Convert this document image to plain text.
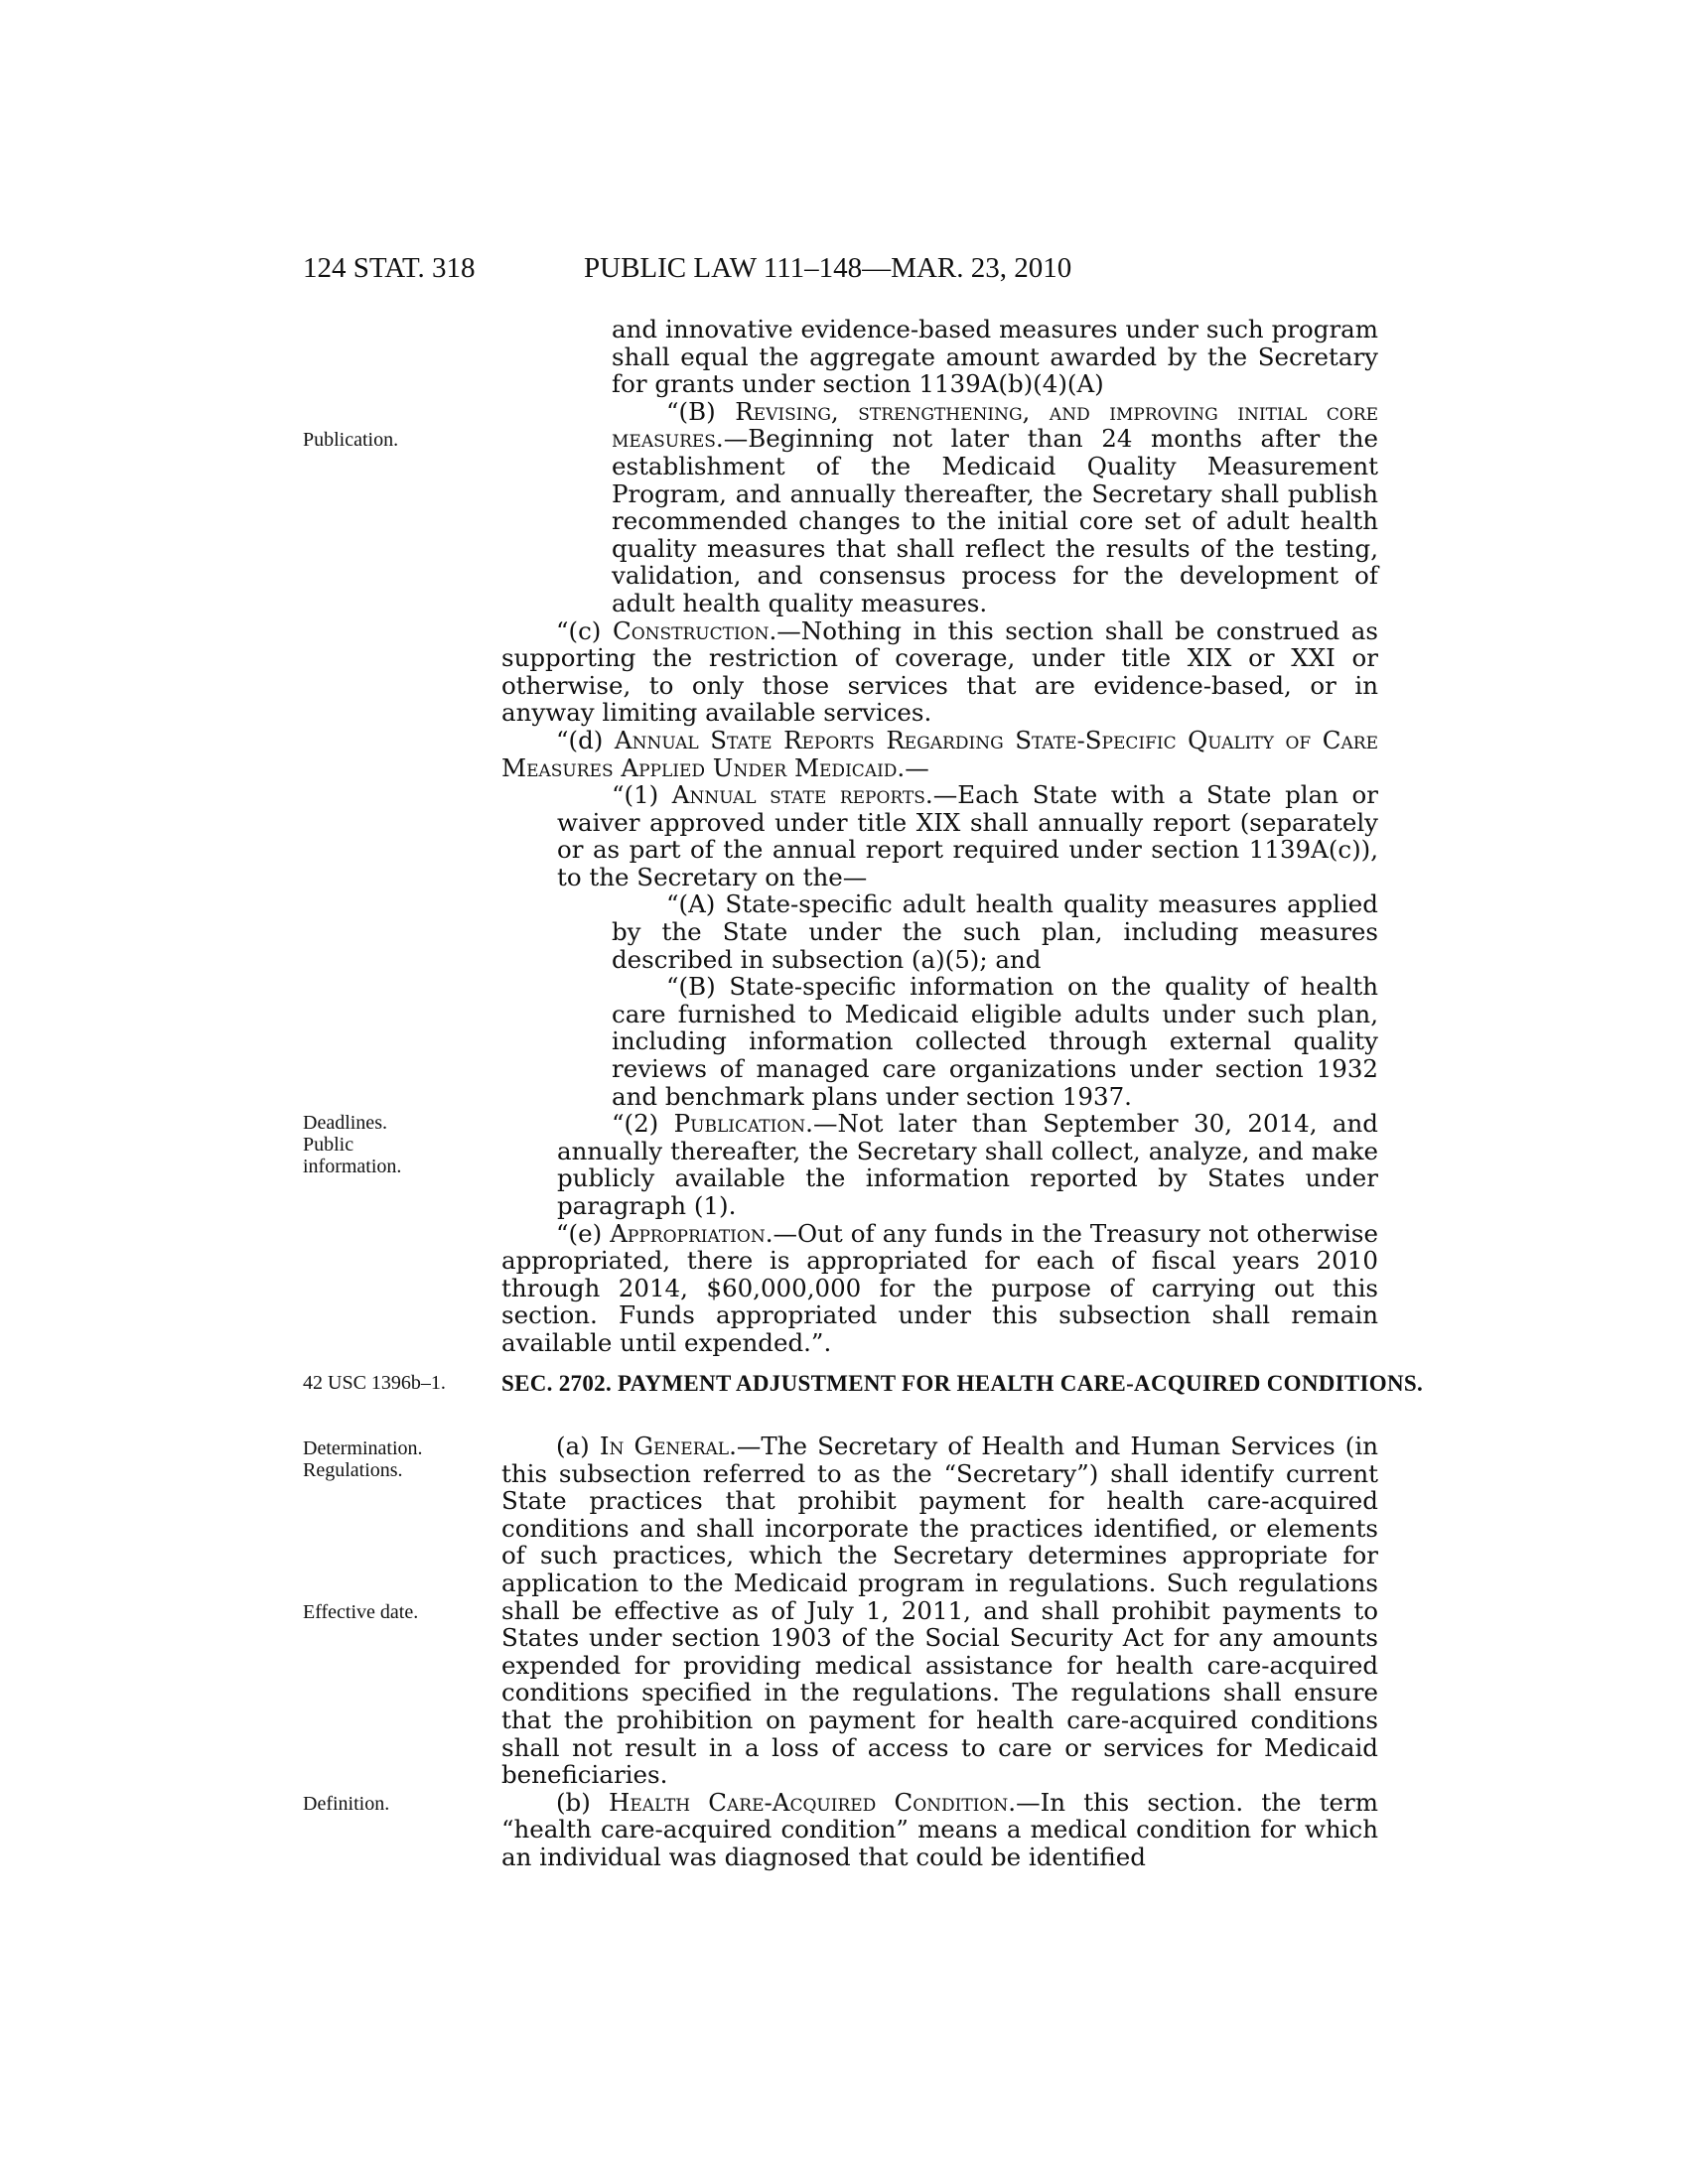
124 STAT. 318	PUBLIC LAW 111–148—MAR. 23, 2010
Publication.
Deadlines.
Public
information.
42 USC 1396b–1.
Determination.
Regulations.
Effective date.
Definition.

and innovative evidence-based measures under such program shall equal the aggregate amount awarded by the Secretary for grants under section 1139A(b)(4)(A)

“(B) Revising, strengthening, and improving initial core measures.—Beginning not later than 24 months after the establishment of the Medicaid Quality Measurement Program, and annually thereafter, the Secretary shall publish recommended changes to the initial core set of adult health quality measures that shall reflect the results of the testing, validation, and consensus process for the development of adult health quality measures.

“(c) Construction.—Nothing in this section shall be construed as supporting the restriction of coverage, under title XIX or XXI or otherwise, to only those services that are evidence-based, or in anyway limiting available services.

“(d) Annual State Reports Regarding State-Specific Quality of Care Measures Applied Under Medicaid.—

“(1) Annual state reports.—Each State with a State plan or waiver approved under title XIX shall annually report (separately or as part of the annual report required under section 1139A(c)), to the Secretary on the—

“(A) State-specific adult health quality measures applied by the State under the such plan, including measures described in subsection (a)(5); and

“(B) State-specific information on the quality of health care furnished to Medicaid eligible adults under such plan, including information collected through external quality reviews of managed care organizations under section 1932 and benchmark plans under section 1937.

“(2) Publication.—Not later than September 30, 2014, and annually thereafter, the Secretary shall collect, analyze, and make publicly available the information reported by States under paragraph (1).

“(e) Appropriation.—Out of any funds in the Treasury not otherwise appropriated, there is appropriated for each of fiscal years 2010 through 2014, $60,000,000 for the purpose of carrying out this section. Funds appropriated under this subsection shall remain available until expended.”.

SEC. 2702. PAYMENT ADJUSTMENT FOR HEALTH CARE-ACQUIRED CONDITIONS.

(a) In General.—The Secretary of Health and Human Services (in this subsection referred to as the “Secretary”) shall identify current State practices that prohibit payment for health care-acquired conditions and shall incorporate the practices identified, or elements of such practices, which the Secretary determines appropriate for application to the Medicaid program in regulations. Such regulations shall be effective as of July 1, 2011, and shall prohibit payments to States under section 1903 of the Social Security Act for any amounts expended for providing medical assistance for health care-acquired conditions specified in the regulations. The regulations shall ensure that the prohibition on payment for health care-acquired conditions shall not result in a loss of access to care or services for Medicaid beneficiaries.

(b) Health Care-Acquired Condition.—In this section. the term “health care-acquired condition” means a medical condition for which an individual was diagnosed that could be identified
